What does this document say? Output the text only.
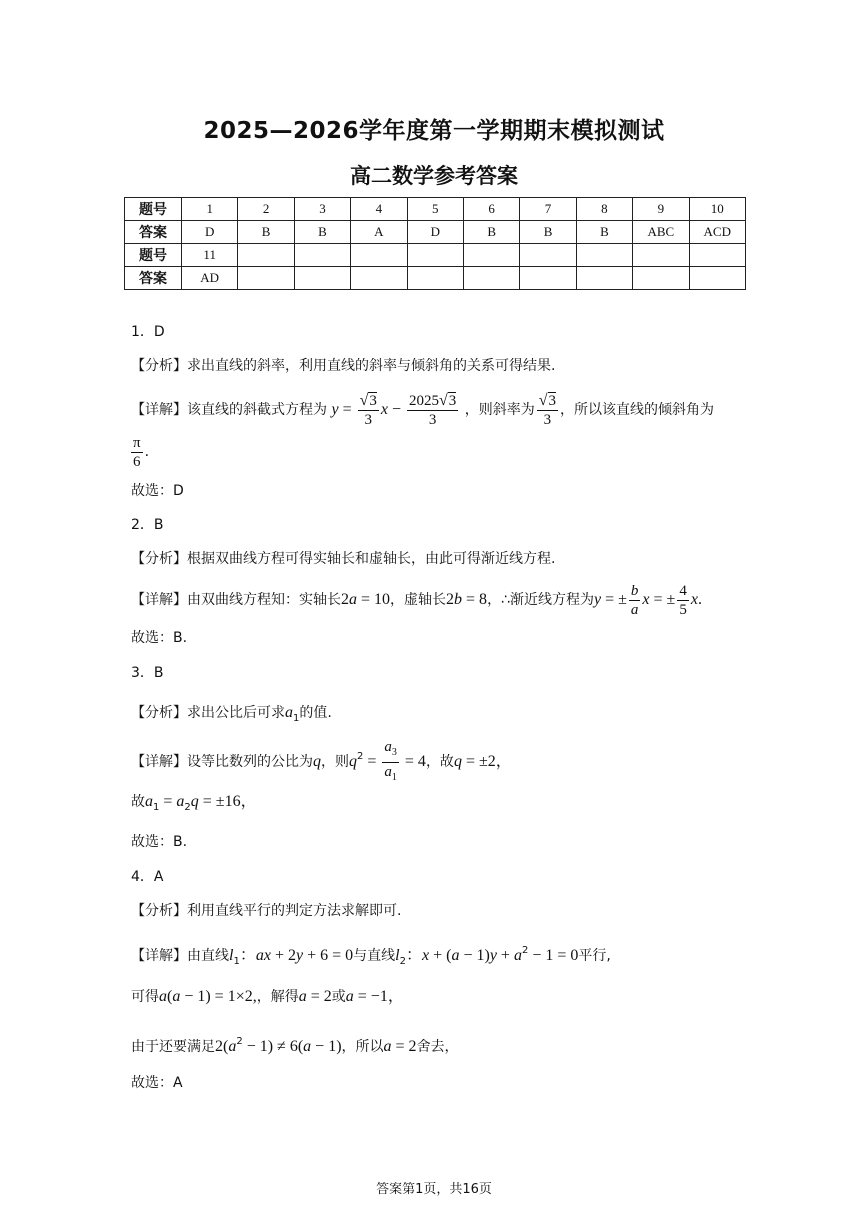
2025—2026学年度第一学期期末模拟测试
高二数学参考答案
题号	1	2	3	4	5	6	7	8	9	10
答案	D	B	B	A	D	B	B	B	ABC	ACD
题号	11									
答案	AD									
1．D
【分析】求出直线的斜率，利用直线的斜率与倾斜角的关系可得结果.
【详解】该直线的斜截式方程为 $y = \frac{√3}{3}$ $x - \frac{2025√3}{3}$ ，则斜率为 $\frac{√3}{3}$ ，所以该直线的倾斜角为
$\frac{\pi}{6}$ .
故选：D
2．B
【分析】根据双曲线方程可得实轴长和虚轴长，由此可得渐近线方程.
【详解】由双曲线方程知：实轴长2a = 10，虚轴长2b = 8，∴渐近线方程为y = ± $\frac{b}{a}$ x = ± $\frac{4}{5} x$.
故选：B.
3．B
【分析】求出公比后可求$a_1$的值.
【详解】设等比数列的公比为q，则$q^2 = \frac{a_3}{a_1} = 4$，故q = ±2，
故$a_1 = a_2q = \pm 16$，
故选：B.
4．A
【分析】利用直线平行的判定方法求解即可.
【详解】由直线$l_1$：ax + 2y + 6 = 0与直线$l_2$：$x + (a - 1)y + a^2 - 1 = 0$平行,
可得a(a − 1) = 1×2,，解得a = 2或a = −1，
由于还要满足$2(a^2 - 1) \ne 6(a - 1)$，所以a = 2舍去，
故选：A
答案第1页，共16页
